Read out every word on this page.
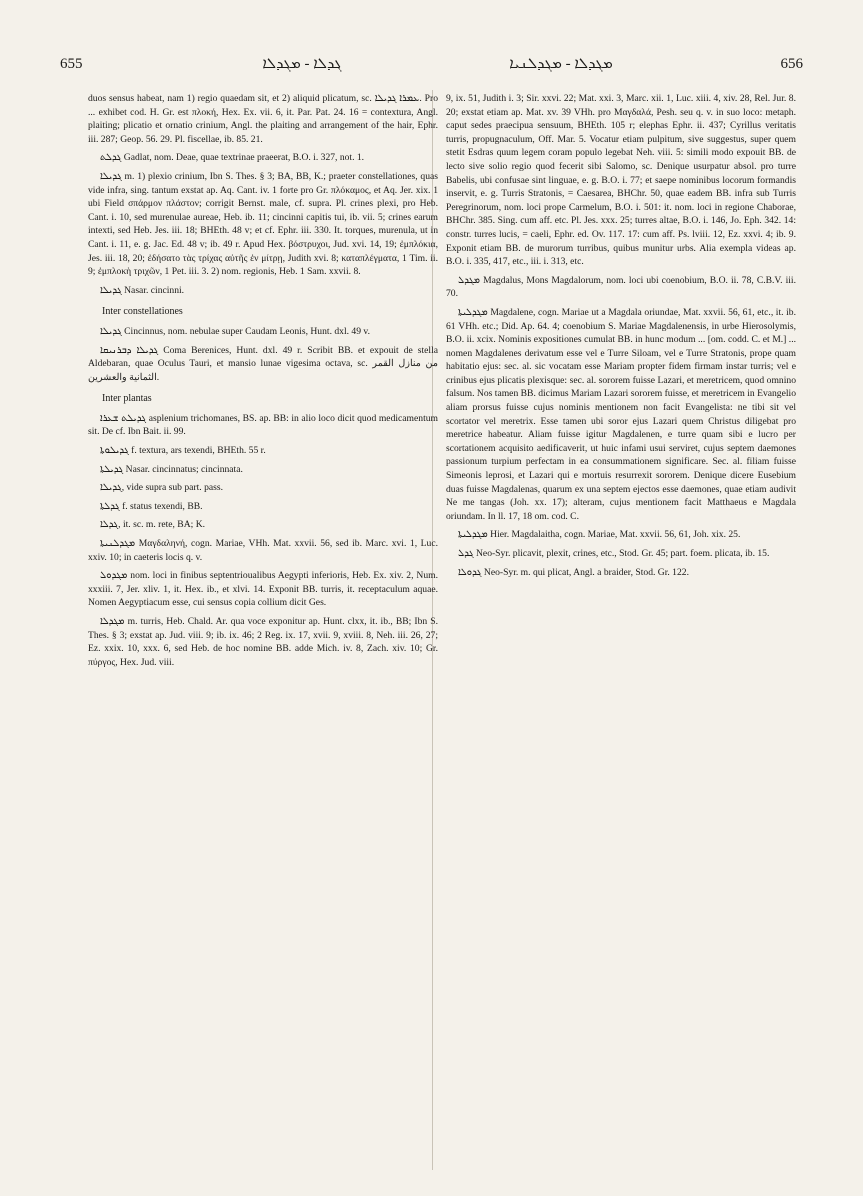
655	ܓܕܠܐ - ܡܓܕܠܐ	ܡܓܕܠܐ - ܡܓܕܠܢܝܐ	656

duos sensus habeat, nam 1) regio quaedam sit, et 2) aliquid plicatum, sc. ܥܡܪܐ ܓܕܝܠܐ. Pro ... exhibet cod. H. Gr. est πλοκή, Hex. Ex. vii. 6, it. Par. Pat. 24. 16 = contextura, Angl. plaiting; plicatio et ornatio crinium, Angl. the plaiting and arrangement of the hair, Ephr. iii. 287; Geop. 56. 29. Pl. fiscellae, ib. 85. 21.

ܓܕܠܬ Gadlat, nom. Deae, quae textrinae praeerat, B.O. i. 327, not. 1.

ܓܕܝܠܐ m. 1) plexio crinium, Ibn S. Thes. § 3; BA, BB, K.; praeter constellationes, quas vide infra, sing. tantum exstat ap. Aq. Cant. iv. 1 forte pro Gr. πλόκαμος, et Aq. Jer. xix. 1 ubi Field σπάρμον πλάστον; corrigit Bernst. male, cf. supra. Pl. crines plexi, pro Heb. Cant. i. 10, sed murenulae aureae, Heb. ib. 11; cincinni capitis tui, ib. vii. 5; crines earum intexti, sed Heb. Jes. iii. 18; BHEth. 48 v; et cf. Ephr. iii. 330. It. torques, murenula, ut in Cant. i. 11, e. g. Jac. Ed. 48 v; ib. 49 r. Apud Hex. βόστρυχοι, Jud. xvi. 14, 19; ἐμπλόκια, Jes. iii. 18, 20; ἐδήσατο τὰς τρίχας αὐτῆς ἐν μίτρῃ, Judith xvi. 8; καταπλέγματα, 1 Tim. ii. 9; ἐμπλοκὴ τριχῶν, 1 Pet. iii. 3. 2) nom. regionis, Heb. 1 Sam. xxvii. 8.

ܓܕܝܠܐ Nasar. cincinni.

Inter constellationes

ܓܕܝܠܐ Cincinnus, nom. nebulae super Caudam Leonis, Hunt. dxl. 49 v.

ܓܕܝܠܐ ܕܒܪܢܝܩܐ Coma Berenices, Hunt. dxl. 49 r. Scribit BB. et expouit de stella Aldebaran, quae Oculus Tauri, et mansio lunae vigesima octava, sc. من منازل القمر الثمانية والعشرين.

Inter plantas

ܓܕܝܠܬ ܫܥܪܐ asplenium trichomanes, BS. ap. BB: in alio loco dicit quod medicamentum sit. De cf. Ibn Bait. ii. 99.

ܓܕܝܠܘܬܐ f. textura, ars texendi, BHEth. 55 r.

ܓܕܝܠܬܐ Nasar. cincinnatus; cincinnata.

ܓܕܝܠܐ, vide supra sub part. pass.

ܓܕܠܬܐ f. status texendi, BB.

ܓܕܠܐ, it. sc. m. rete, BA; K.

ܡܓܕܠܢܝܬܐ Μαγδαληνή, cogn. Mariae, VHh. Mat. xxvii. 56, sed ib. Marc. xvi. 1, Luc. xxiv. 10; in caeteris locis q. v.

ܡܓܕܘܠ nom. loci in finibus septentrioualibus Aegypti inferioris, Heb. Ex. xiv. 2, Num. xxxiii. 7, Jer. xliv. 1, it. Hex. ib., et xlvi. 14. Exponit BB. turris, it. receptaculum aquae. Nomen Aegyptiacum esse, cui sensus copia collium dicit Ges.

ܡܓܕܠܐ m. turris, Heb. Chald. Ar. qua voce exponitur ap. Hunt. clxx, it. ib., BB; Ibn S. Thes. § 3; exstat ap. Jud. viii. 9; ib. ix. 46; 2 Reg. ix. 17, xvii. 9, xviii. 8, Neh. iii. 26, 27; Ez. xxix. 10, xxx. 6, sed Heb. de hoc nomine BB. adde Mich. iv. 8, Zach. xiv. 10; Gr. πύργος, Hex. Jud. viii.

9, ix. 51, Judith i. 3; Sir. xxvi. 22; Mat. xxi. 3, Marc. xii. 1, Luc. xiii. 4, xiv. 28, Rel. Jur. 8. 20; exstat etiam ap. Mat. xv. 39 VHh. pro Μαγδαλά, Pesh. seu q. v. in suo loco: metaph. caput sedes praecipua sensuum, BHEth. 105 r; elephas Ephr. ii. 437; Cyrillus veritatis turris, propugnaculum, Off. Mar. 5. Vocatur etiam pulpitum, sive suggestus, super quem stetit Esdras quum legem coram populo legebat Neh. viii. 5: simili modo expouit BB. de lecto sive solio regio quod fecerit sibi Salomo, sc. Denique usurpatur absol. pro turre Babelis, ubi confusae sint linguae, e. g. B.O. i. 77; et saepe nominibus locorum formandis inservit, e. g. Turris Stratonis, = Caesarea, BHChr. 50, quae eadem BB. infra sub Turris Peregrinorum, nom. loci prope Carmelum, B.O. i. 501: it. nom. loci in regione Chaborae, BHChr. 385. Sing. cum aff. etc. Pl. Jes. xxx. 25; turres altae, B.O. i. 146, Jo. Eph. 342. 14: constr. turres lucis, = caeli, Ephr. ed. Ov. 117. 17: cum aff. Ps. lviii. 12, Ez. xxvi. 4; ib. 9. Exponit etiam BB. de murorum turribus, quibus munitur urbs. Alia exempla videas ap. B.O. i. 335, 417, etc., iii. i. 313, etc.

ܡܓܕܠ Magdalus, Mons Magdalorum, nom. loci ubi coenobium, B.O. ii. 78, C.B.V. iii. 70.

ܡܓܕܠܝܬܐ Magdalene, cogn. Mariae ut a Magdala oriundae, Mat. xxvii. 56, 61, etc., it. ib. 61 VHh. etc.; Did. Ap. 64. 4; coenobium S. Mariae Magdalenensis, in urbe Hierosolymis, B.O. ii. xcix. Nominis expositiones cumulat BB. in hunc modum ... [om. codd. C. et M.] ... nomen Magdalenes derivatum esse vel e Turre Siloam, vel e Turre Stratonis, prope quam habitatio ejus: sec. al. sic vocatam esse Mariam propter fidem firmam instar turris; vel e crinibus ejus plicatis plexisque: sec. al. sororem fuisse Lazari, et meretricem, quod omnino falsum. Nos tamen BB. dicimus Mariam Lazari sororem fuisse, et meretricem in Evangelio aliam prorsus fuisse cujus nominis mentionem non facit Evangelista: ne tibi sit vel scortator vel meretrix. Esse tamen ubi soror ejus Lazari quem Christus diligebat pro meretrice habeatur. Aliam fuisse igitur Magdalenen, e turre quam sibi e lucro per scortationem acquisito aedificaverit, ut huic infami usui serviret, cujus septem daemones passionum turpium perfectam in ea consummationem significare. Sec. al. filiam fuisse Simeonis leprosi, et Lazari qui e mortuis resurrexit sororem. Denique dicere Eusebium duas fuisse Magdalenas, quarum ex una septem ejectos esse daemones, quae etiam audivit Ne me tangas (Joh. xx. 17); alteram, cujus mentionem facit Matthaeus e Magdala oriundam. In ll. 17, 18 om. cod. C.

ܡܓܕܠܝܬܐ Hier. Magdalaitha, cogn. Mariae, Mat. xxvii. 56, 61, Joh. xix. 25.

ܓܕܠ Neo-Syr. plicavit, plexit, crines, etc., Stod. Gr. 45; part. foem. plicata, ib. 15.

ܓܕܘܠܐ Neo-Syr. m. qui plicat, Angl. a braider, Stod. Gr. 122.
